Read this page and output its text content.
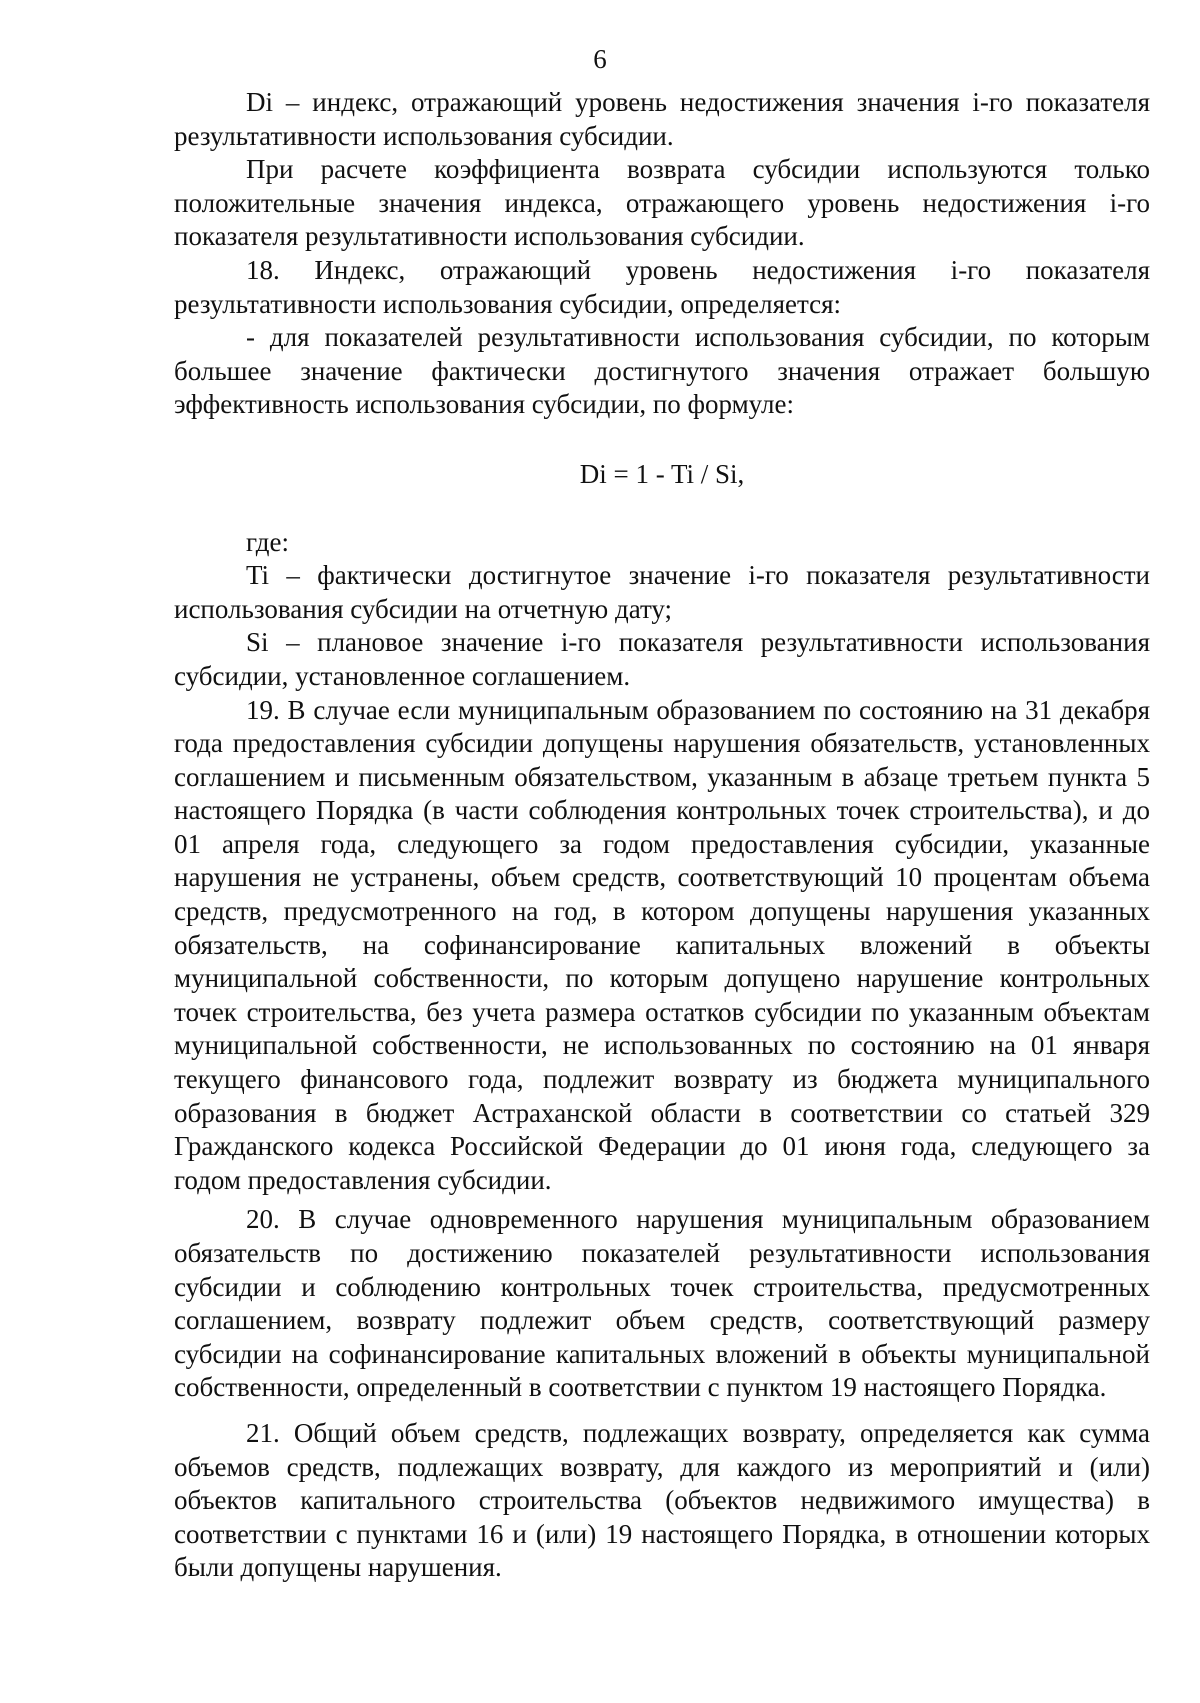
6

Di – индекс, отражающий уровень недостижения значения i-го показателя результативности использования субсидии.

При расчете коэффициента возврата субсидии используются только положительные значения индекса, отражающего уровень недостижения i-го показателя результативности использования субсидии.

18. Индекс, отражающий уровень недостижения i-го показателя результативности использования субсидии, определяется:

- для показателей результативности использования субсидии, по которым большее значение фактически достигнутого значения отражает большую эффективность использования субсидии, по формуле:

Di = 1 - Ti / Si,

где:

Ti – фактически достигнутое значение i-го показателя результативности использования субсидии на отчетную дату;

Si – плановое значение i-го показателя результативности использования субсидии, установленное соглашением.

19. В случае если муниципальным образованием по состоянию на 31 декабря года предоставления субсидии допущены нарушения обязательств, установленных соглашением и письменным обязательством, указанным в абзаце третьем пункта 5 настоящего Порядка (в части соблюдения контрольных точек строительства), и до 01 апреля года, следующего за годом предоставления субсидии, указанные нарушения не устранены, объем средств, соответствующий 10 процентам объема средств, предусмотренного на год, в котором допущены нарушения указанных обязательств, на софинансирование капитальных вложений в объекты муниципальной собственности, по которым допущено нарушение контрольных точек строительства, без учета размера остатков субсидии по указанным объектам муниципальной собственности, не использованных по состоянию на 01 января текущего финансового года, подлежит возврату из бюджета муниципального образования в бюджет Астраханской области в соответствии со статьей 329 Гражданского кодекса Российской Федерации до 01 июня года, следующего за годом предоставления субсидии.

20. В случае одновременного нарушения муниципальным образованием обязательств по достижению показателей результативности использования субсидии и соблюдению контрольных точек строительства, предусмотренных соглашением, возврату подлежит объем средств, соответствующий размеру субсидии на софинансирование капитальных вложений в объекты муниципальной собственности, определенный в соответствии с пунктом 19 настоящего Порядка.

21. Общий объем средств, подлежащих возврату, определяется как сумма объемов средств, подлежащих возврату, для каждого из мероприятий и (или) объектов капитального строительства (объектов недвижимого имущества) в соответствии с пунктами 16 и (или) 19 настоящего Порядка, в отношении которых были допущены нарушения.
